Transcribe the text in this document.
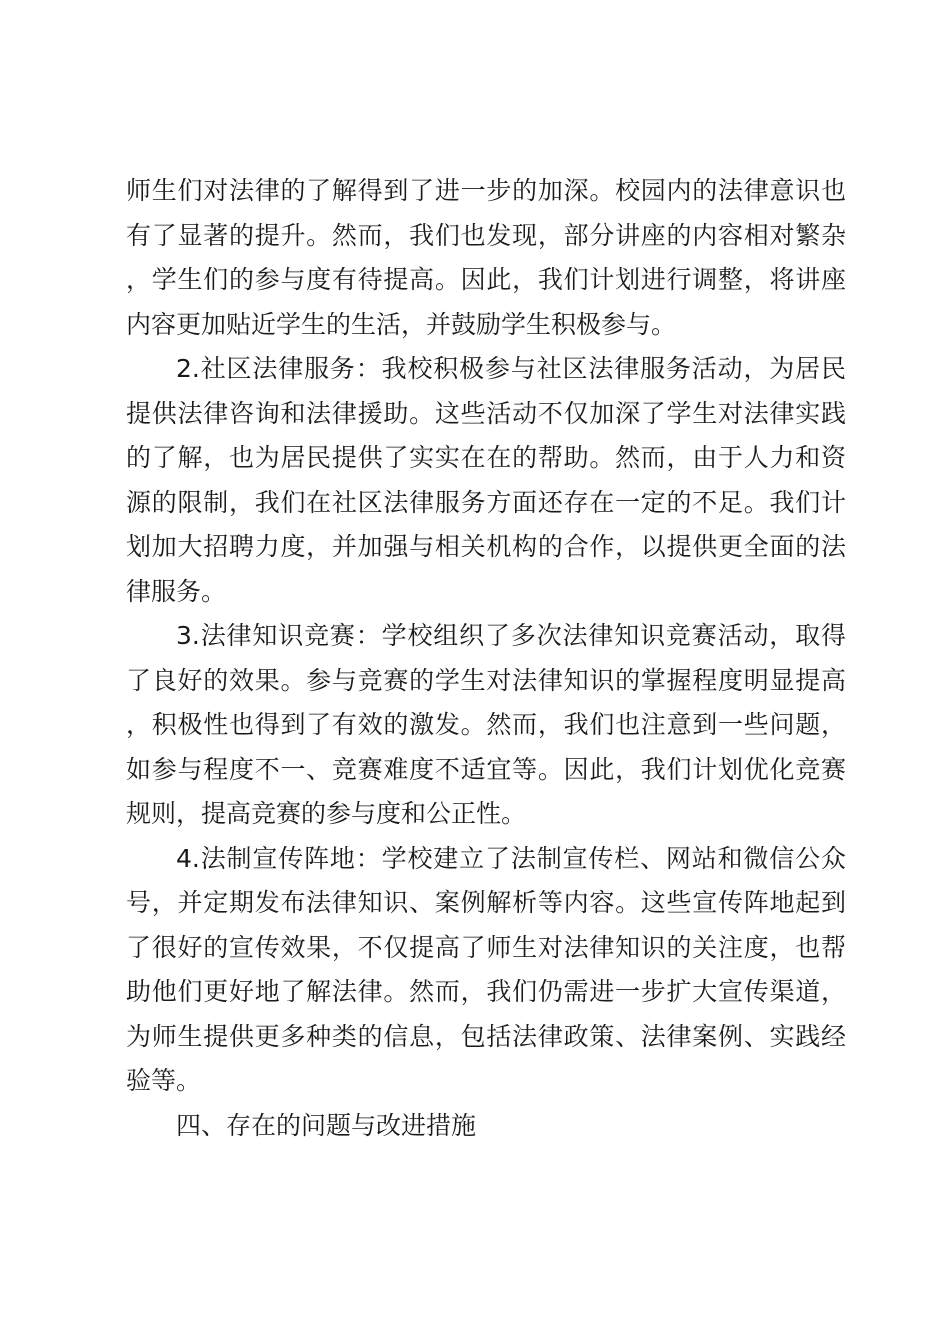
师生们对法律的了解得到了进一步的加深。校园内的法律意识也有了显著的提升。然而，我们也发现，部分讲座的内容相对繁杂，学生们的参与度有待提高。因此，我们计划进行调整，将讲座内容更加贴近学生的生活，并鼓励学生积极参与。

2.社区法律服务：我校积极参与社区法律服务活动，为居民提供法律咨询和法律援助。这些活动不仅加深了学生对法律实践的了解，也为居民提供了实实在在的帮助。然而，由于人力和资源的限制，我们在社区法律服务方面还存在一定的不足。我们计划加大招聘力度，并加强与相关机构的合作，以提供更全面的法律服务。

3.法律知识竞赛：学校组织了多次法律知识竞赛活动，取得了良好的效果。参与竞赛的学生对法律知识的掌握程度明显提高，积极性也得到了有效的激发。然而，我们也注意到一些问题，如参与程度不一、竞赛难度不适宜等。因此，我们计划优化竞赛规则，提高竞赛的参与度和公正性。

4.法制宣传阵地：学校建立了法制宣传栏、网站和微信公众号，并定期发布法律知识、案例解析等内容。这些宣传阵地起到了很好的宣传效果，不仅提高了师生对法律知识的关注度，也帮助他们更好地了解法律。然而，我们仍需进一步扩大宣传渠道，为师生提供更多种类的信息，包括法律政策、法律案例、实践经验等。

四、存在的问题与改进措施
